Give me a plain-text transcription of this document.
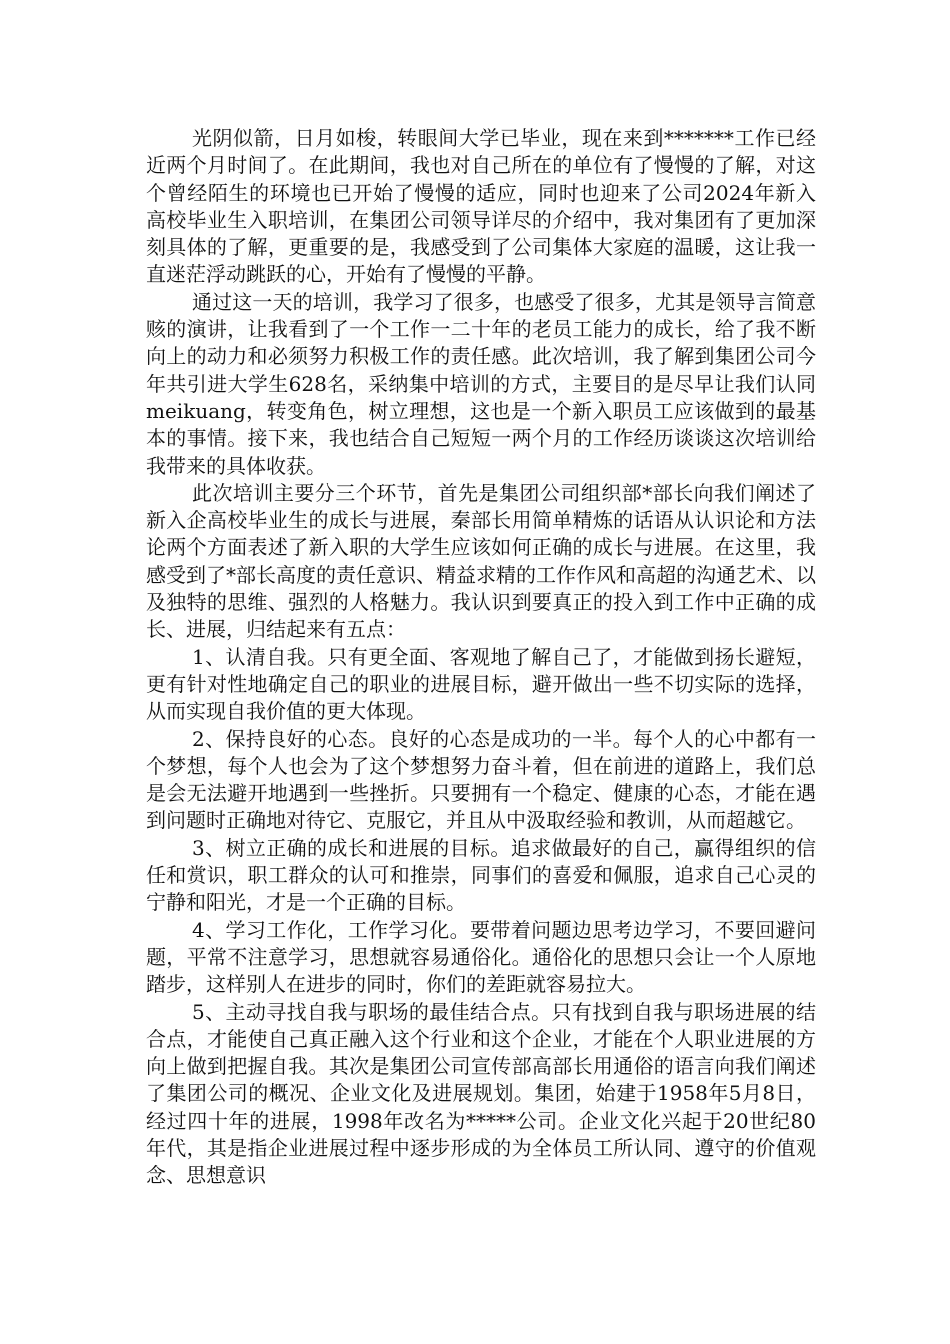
光阴似箭，日月如梭，转眼间大学已毕业，现在来到*******工作已经近两个月时间了。在此期间，我也对自己所在的单位有了慢慢的了解，对这个曾经陌生的环境也已开始了慢慢的适应，同时也迎来了公司2024年新入高校毕业生入职培训，在集团公司领导详尽的介绍中，我对集团有了更加深刻具体的了解，更重要的是，我感受到了公司集体大家庭的温暖，这让我一直迷茫浮动跳跃的心，开始有了慢慢的平静。

通过这一天的培训，我学习了很多，也感受了很多，尤其是领导言简意赅的演讲，让我看到了一个工作一二十年的老员工能力的成长，给了我不断向上的动力和必须努力积极工作的责任感。此次培训，我了解到集团公司今年共引进大学生628名，采纳集中培训的方式，主要目的是尽早让我们认同meikuang，转变角色，树立理想，这也是一个新入职员工应该做到的最基本的事情。接下来，我也结合自己短短一两个月的工作经历谈谈这次培训给我带来的具体收获。

此次培训主要分三个环节，首先是集团公司组织部*部长向我们阐述了新入企高校毕业生的成长与进展，秦部长用简单精炼的话语从认识论和方法论两个方面表述了新入职的大学生应该如何正确的成长与进展。在这里，我感受到了*部长高度的责任意识、精益求精的工作作风和高超的沟通艺术、以及独特的思维、强烈的人格魅力。我认识到要真正的投入到工作中正确的成长、进展，归结起来有五点：

1、认清自我。只有更全面、客观地了解自己了，才能做到扬长避短，更有针对性地确定自己的职业的进展目标，避开做出一些不切实际的选择，从而实现自我价值的更大体现。

2、保持良好的心态。良好的心态是成功的一半。每个人的心中都有一个梦想，每个人也会为了这个梦想努力奋斗着，但在前进的道路上，我们总是会无法避开地遇到一些挫折。只要拥有一个稳定、健康的心态，才能在遇到问题时正确地对待它、克服它，并且从中汲取经验和教训，从而超越它。

3、树立正确的成长和进展的目标。追求做最好的自己，赢得组织的信任和赏识，职工群众的认可和推崇，同事们的喜爱和佩服，追求自己心灵的宁静和阳光，才是一个正确的目标。

4、学习工作化，工作学习化。要带着问题边思考边学习，不要回避问题，平常不注意学习，思想就容易通俗化。通俗化的思想只会让一个人原地踏步，这样别人在进步的同时，你们的差距就容易拉大。

5、主动寻找自我与职场的最佳结合点。只有找到自我与职场进展的结合点，才能使自己真正融入这个行业和这个企业，才能在个人职业进展的方向上做到把握自我。其次是集团公司宣传部高部长用通俗的语言向我们阐述了集团公司的概况、企业文化及进展规划。集团，始建于1958年5月8日，经过四十年的进展，1998年改名为*****公司。企业文化兴起于20世纪80年代，其是指企业进展过程中逐步形成的为全体员工所认同、遵守的价值观念、思想意识
